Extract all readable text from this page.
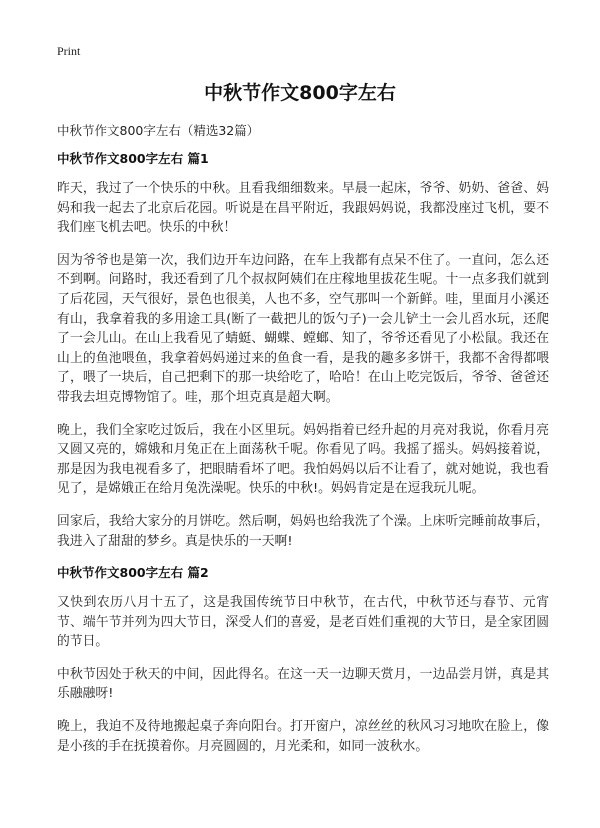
Print
中秋节作文800字左右
中秋节作文800字左右（精选32篇）
中秋节作文800字左右 篇1

昨天，我过了一个快乐的中秋。且看我细细数来。早晨一起床，爷爷、奶奶、爸爸、妈妈和我一起去了北京后花园。听说是在昌平附近，我跟妈妈说，我都没座过飞机，要不我们座飞机去吧。快乐的中秋！

因为爷爷也是第一次，我们边开车边问路，在车上我都有点呆不住了。一直问，怎么还不到啊。问路时，我还看到了几个叔叔阿姨们在庄稼地里拔花生呢。十一点多我们就到了后花园，天气很好，景色也很美，人也不多，空气那叫一个新鲜。哇，里面月小溪还有山，我拿着我的多用途工具(断了一截把儿的饭勺子)一会儿铲土一会儿舀水玩，还爬了一会儿山。在山上我看见了蜻蜓、蝴蝶、螳螂、知了，爷爷还看见了小松鼠。我还在山上的鱼池喂鱼，我拿着妈妈递过来的鱼食一看，是我的趣多多饼干，我都不舍得都喂了，喂了一块后，自己把剩下的那一块给吃了，哈哈！在山上吃完饭后，爷爷、爸爸还带我去坦克博物馆了。哇，那个坦克真是超大啊。

晚上，我们全家吃过饭后，我在小区里玩。妈妈指着已经升起的月亮对我说，你看月亮又圆又亮的，嫦娥和月兔正在上面荡秋千呢。你看见了吗。我摇了摇头。妈妈接着说，那是因为我电视看多了，把眼睛看坏了吧。我怕妈妈以后不让看了，就对她说，我也看见了，是嫦娥正在给月兔洗澡呢。快乐的中秋!。妈妈肯定是在逗我玩儿呢。

回家后，我给大家分的月饼吃。然后啊，妈妈也给我洗了个澡。上床听完睡前故事后，我进入了甜甜的梦乡。真是快乐的一天啊!

中秋节作文800字左右 篇2

又快到农历八月十五了，这是我国传统节日中秋节，在古代，中秋节还与春节、元宵节、端午节并列为四大节日，深受人们的喜爱，是老百姓们重视的大节日，是全家团圆的节日。

中秋节因处于秋天的中间，因此得名。在这一天一边聊天赏月，一边品尝月饼，真是其乐融融呀!

晚上，我迫不及待地搬起桌子奔向阳台。打开窗户，凉丝丝的秋风习习地吹在脸上，像是小孩的手在抚摸着你。月亮圆圆的，月光柔和，如同一波秋水。
